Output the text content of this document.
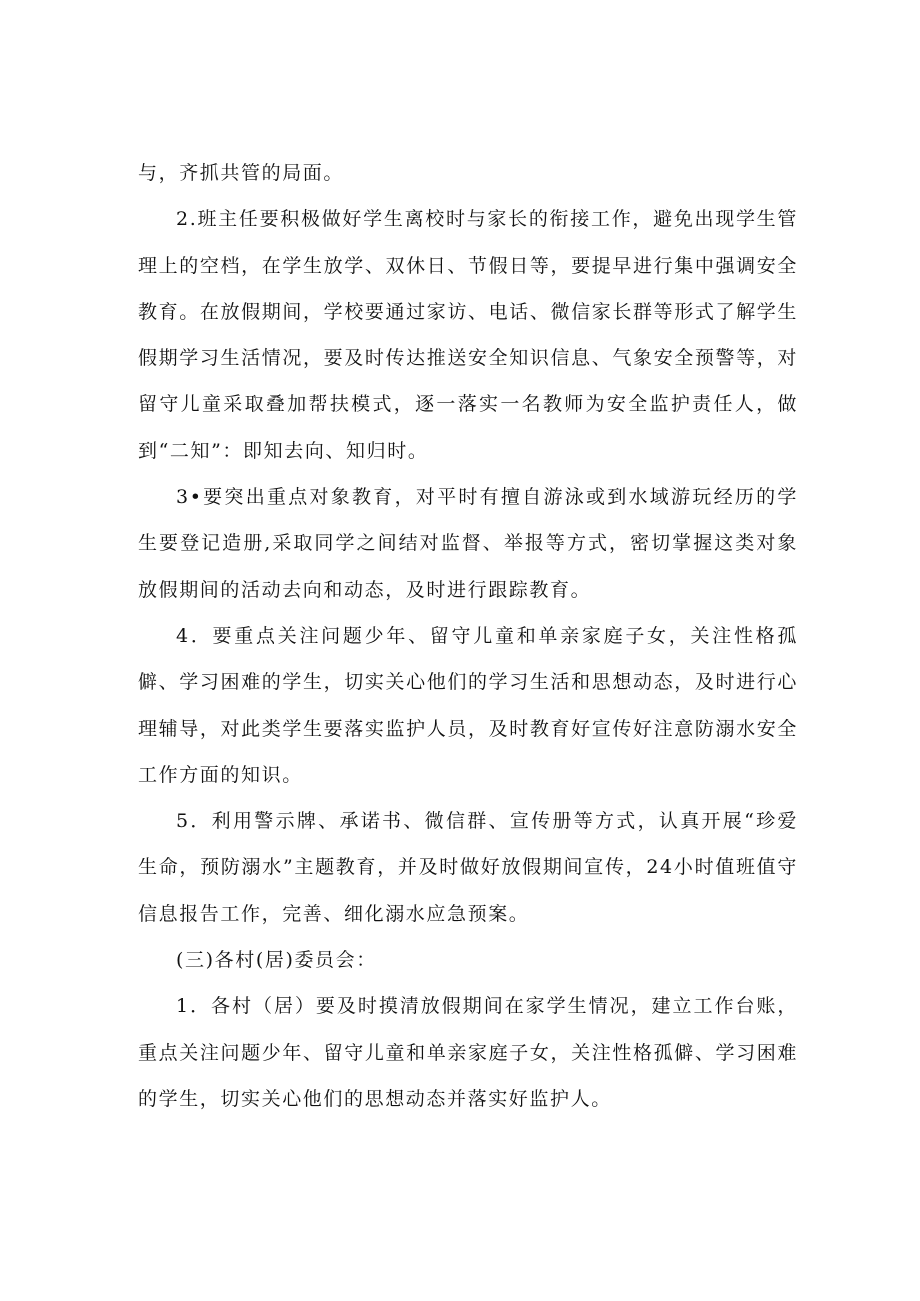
与，齐抓共管的局面。

2.班主任要积极做好学生离校时与家长的衔接工作，避免出现学生管理上的空档，在学生放学、双休日、节假日等，要提早进行集中强调安全教育。在放假期间，学校要通过家访、电话、微信家长群等形式了解学生假期学习生活情况，要及时传达推送安全知识信息、气象安全预警等，对留守儿童采取叠加帮扶模式，逐一落实一名教师为安全监护责任人，做到“二知”：即知去向、知归时。

3•要突出重点对象教育，对平时有擅自游泳或到水域游玩经历的学生要登记造册,采取同学之间结对监督、举报等方式，密切掌握这类对象放假期间的活动去向和动态，及时进行跟踪教育。

4．要重点关注问题少年、留守儿童和单亲家庭子女，关注性格孤僻、学习困难的学生，切实关心他们的学习生活和思想动态，及时进行心理辅导，对此类学生要落实监护人员，及时教育好宣传好注意防溺水安全工作方面的知识。

5．利用警示牌、承诺书、微信群、宣传册等方式，认真开展“珍爱生命，预防溺水”主题教育，并及时做好放假期间宣传，24小时值班值守信息报告工作，完善、细化溺水应急预案。

(三)各村(居)委员会：

1．各村（居）要及时摸清放假期间在家学生情况，建立工作台账，重点关注问题少年、留守儿童和单亲家庭子女，关注性格孤僻、学习困难的学生，切实关心他们的思想动态并落实好监护人。
